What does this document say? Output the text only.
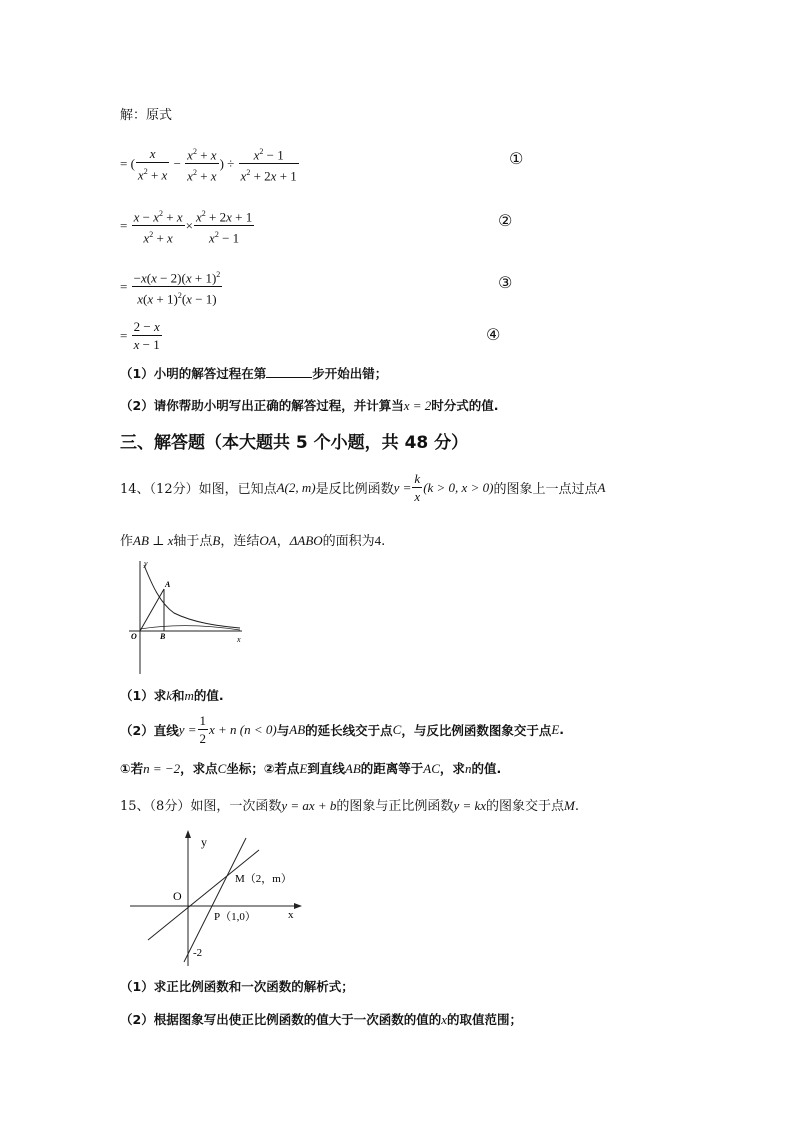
解：原式
= ( $\frac{x}{x^2 + x} - \frac{x^2 + x}{x^2 + x}$ ) ÷ $\frac{x^2 - 1}{x^2 + 2x + 1}$	①
= $\frac{x - x^2 + x}{x^2 + x} \times \frac{x^2 + 2x + 1}{x^2 - 1}$	②
= $\frac{-x(x - 2)(x + 1)^2}{x(x + 1)^2(x - 1)}$	③
= $\frac{2 - x}{x - 1}$	④
（1）小明的解答过程在第	步开始出错；
（2）请你帮助小明写出正确的解答过程，并计算当x = 2时分式的值.
三、解答题（本大题共 5 个小题，共 48 分）
14、（12分）如图，已知点 A(2, m) 是反比例函数 $y = \frac{k}{x} (k > 0$, x > 0) 的图象上一点过点 A
作AB ⊥ x轴于点B，连结OA，ΔABO的面积为4.
y
A
O	B	x
（1）求k和m的值.
（2）直线 $y = \frac{1}{2}$ x + n (n < 0) 与 AB 的延长线交于点 C ，与反比例函数图象交于点 E .
①若n = −2，求点C坐标；②若点E到直线AB的距离等于AC，求n的值.
15、（8分）如图，一次函数y = ax + b的图象与正比例函数y = kx的图象交于点M.
y
O
M（2，m）
P（1,0）	x
-2
（1）求正比例函数和一次函数的解析式；
（2）根据图象写出使正比例函数的值大于一次函数的值的x的取值范围；
